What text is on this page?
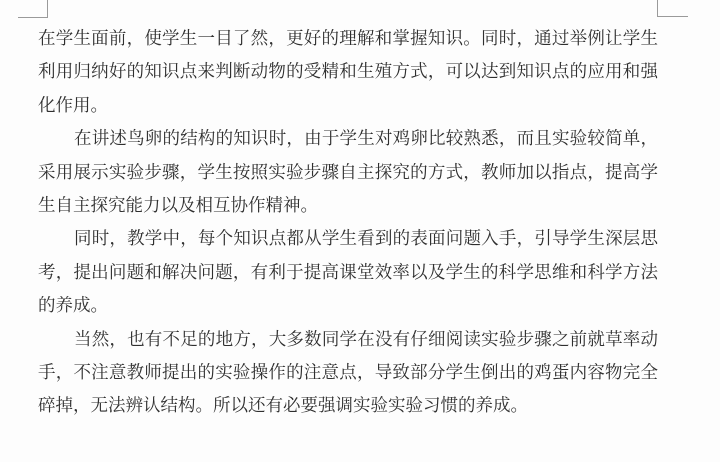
在学生面前，使学生一目了然，更好的理解和掌握知识。同时，通过举例让学生
利用归纳好的知识点来判断动物的受精和生殖方式，可以达到知识点的应用和强
化作用。
在讲述鸟卵的结构的知识时，由于学生对鸡卵比较熟悉，而且实验较简单，
采用展示实验步骤，学生按照实验步骤自主探究的方式，教师加以指点，提高学
生自主探究能力以及相互协作精神。
同时，教学中，每个知识点都从学生看到的表面问题入手，引导学生深层思
考，提出问题和解决问题，有利于提高课堂效率以及学生的科学思维和科学方法
的养成。
当然，也有不足的地方，大多数同学在没有仔细阅读实验步骤之前就草率动
手，不注意教师提出的实验操作的注意点，导致部分学生倒出的鸡蛋内容物完全
碎掉，无法辨认结构。所以还有必要强调实验实验习惯的养成。
